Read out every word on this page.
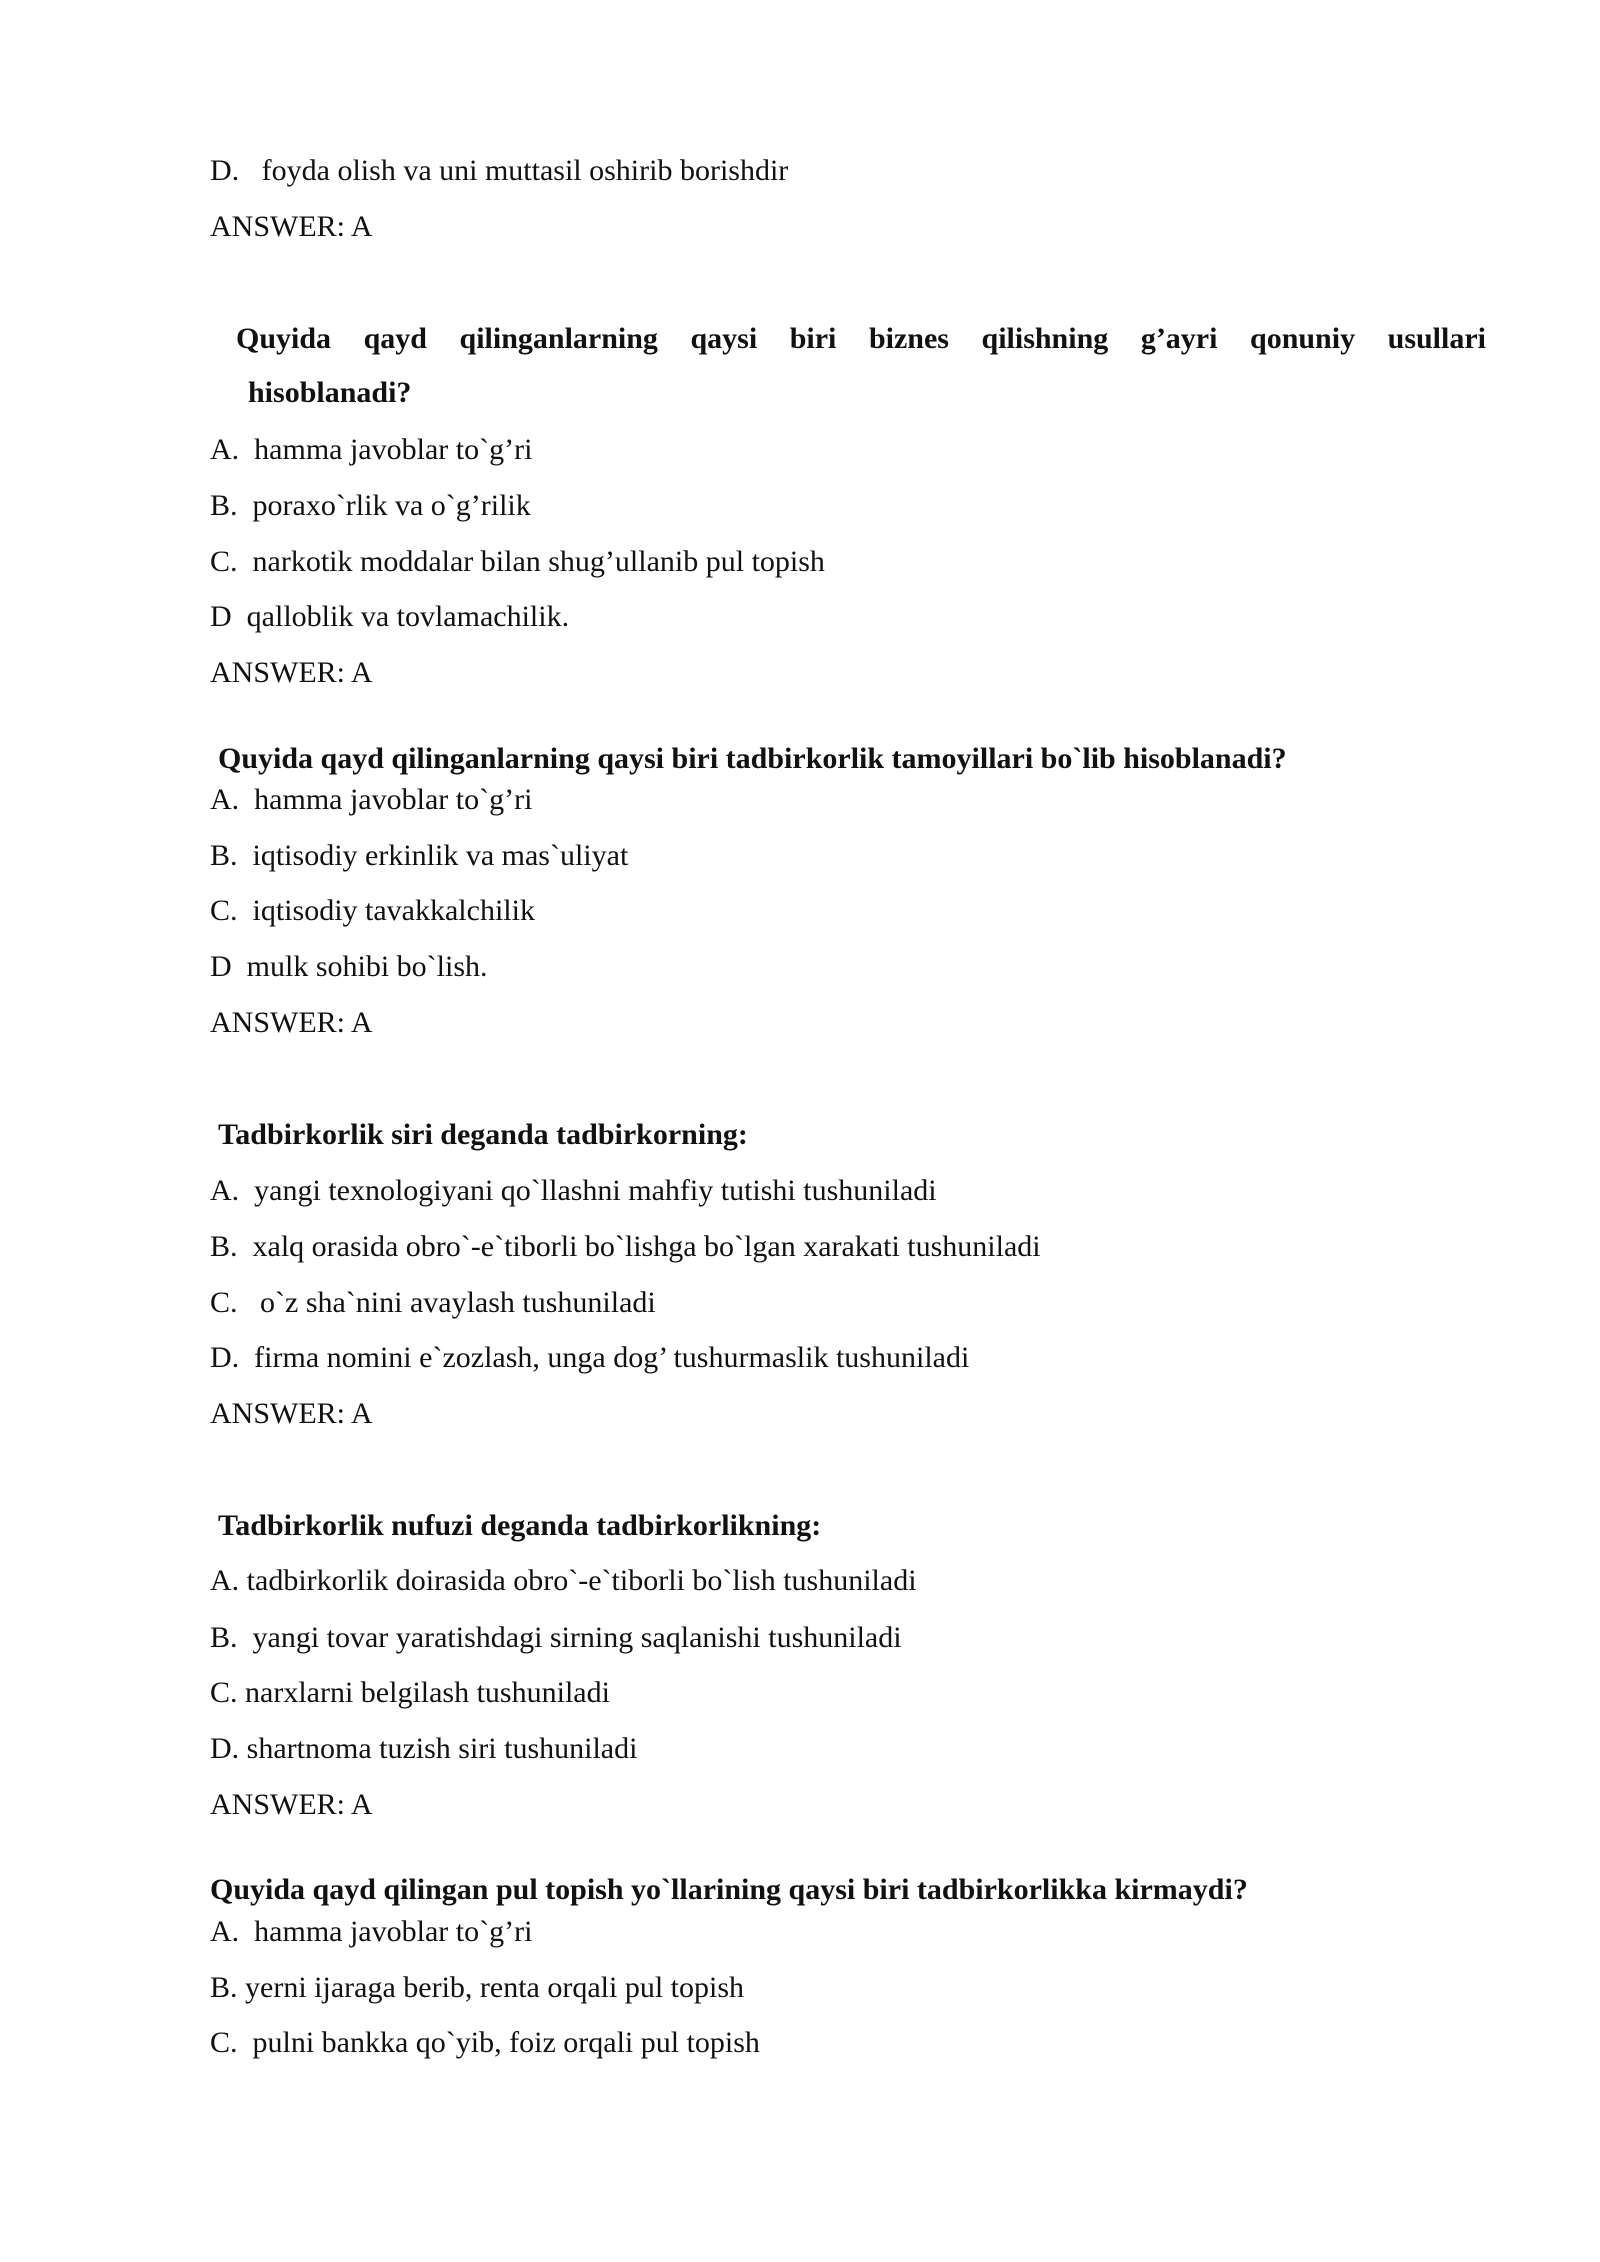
D.   foyda olish va uni muttasil oshirib borishdir
ANSWER: A
Quyida qayd qilinganlarning qaysi biri biznes qilishning g’ayri qonuniy usullari
hisoblanadi?
A.  hamma javoblar to`g’ri
B.  poraxo`rlik va o`g’rilik
C.  narkotik moddalar bilan shug’ullanib pul topish
D  qalloblik va tovlamachilik.
ANSWER: A
Quyida qayd qilinganlarning qaysi biri tadbirkorlik tamoyillari bo`lib hisoblanadi?
A.  hamma javoblar to`g’ri
B.  iqtisodiy erkinlik va mas`uliyat
C.  iqtisodiy tavakkalchilik
D  mulk sohibi bo`lish.
ANSWER: A
Tadbirkorlik siri deganda tadbirkorning:
A.  yangi texnologiyani qo`llashni mahfiy tutishi tushuniladi
B.  xalq orasida obro`-e`tiborli bo`lishga bo`lgan xarakati tushuniladi
C.   o`z sha`nini avaylash tushuniladi
D.  firma nomini e`zozlash, unga dog’ tushurmaslik tushuniladi
ANSWER: A
Tadbirkorlik nufuzi deganda tadbirkorlikning:
A. tadbirkorlik doirasida obro`-e`tiborli bo`lish tushuniladi
B.  yangi tovar yaratishdagi sirning saqlanishi tushuniladi
C. narxlarni belgilash tushuniladi
D. shartnoma tuzish siri tushuniladi
ANSWER: A
Quyida qayd qilingan pul topish yo`llarining qaysi biri tadbirkorlikka kirmaydi?
A.  hamma javoblar to`g’ri
B. yerni ijaraga berib, renta orqali pul topish
C.  pulni bankka qo`yib, foiz orqali pul topish
